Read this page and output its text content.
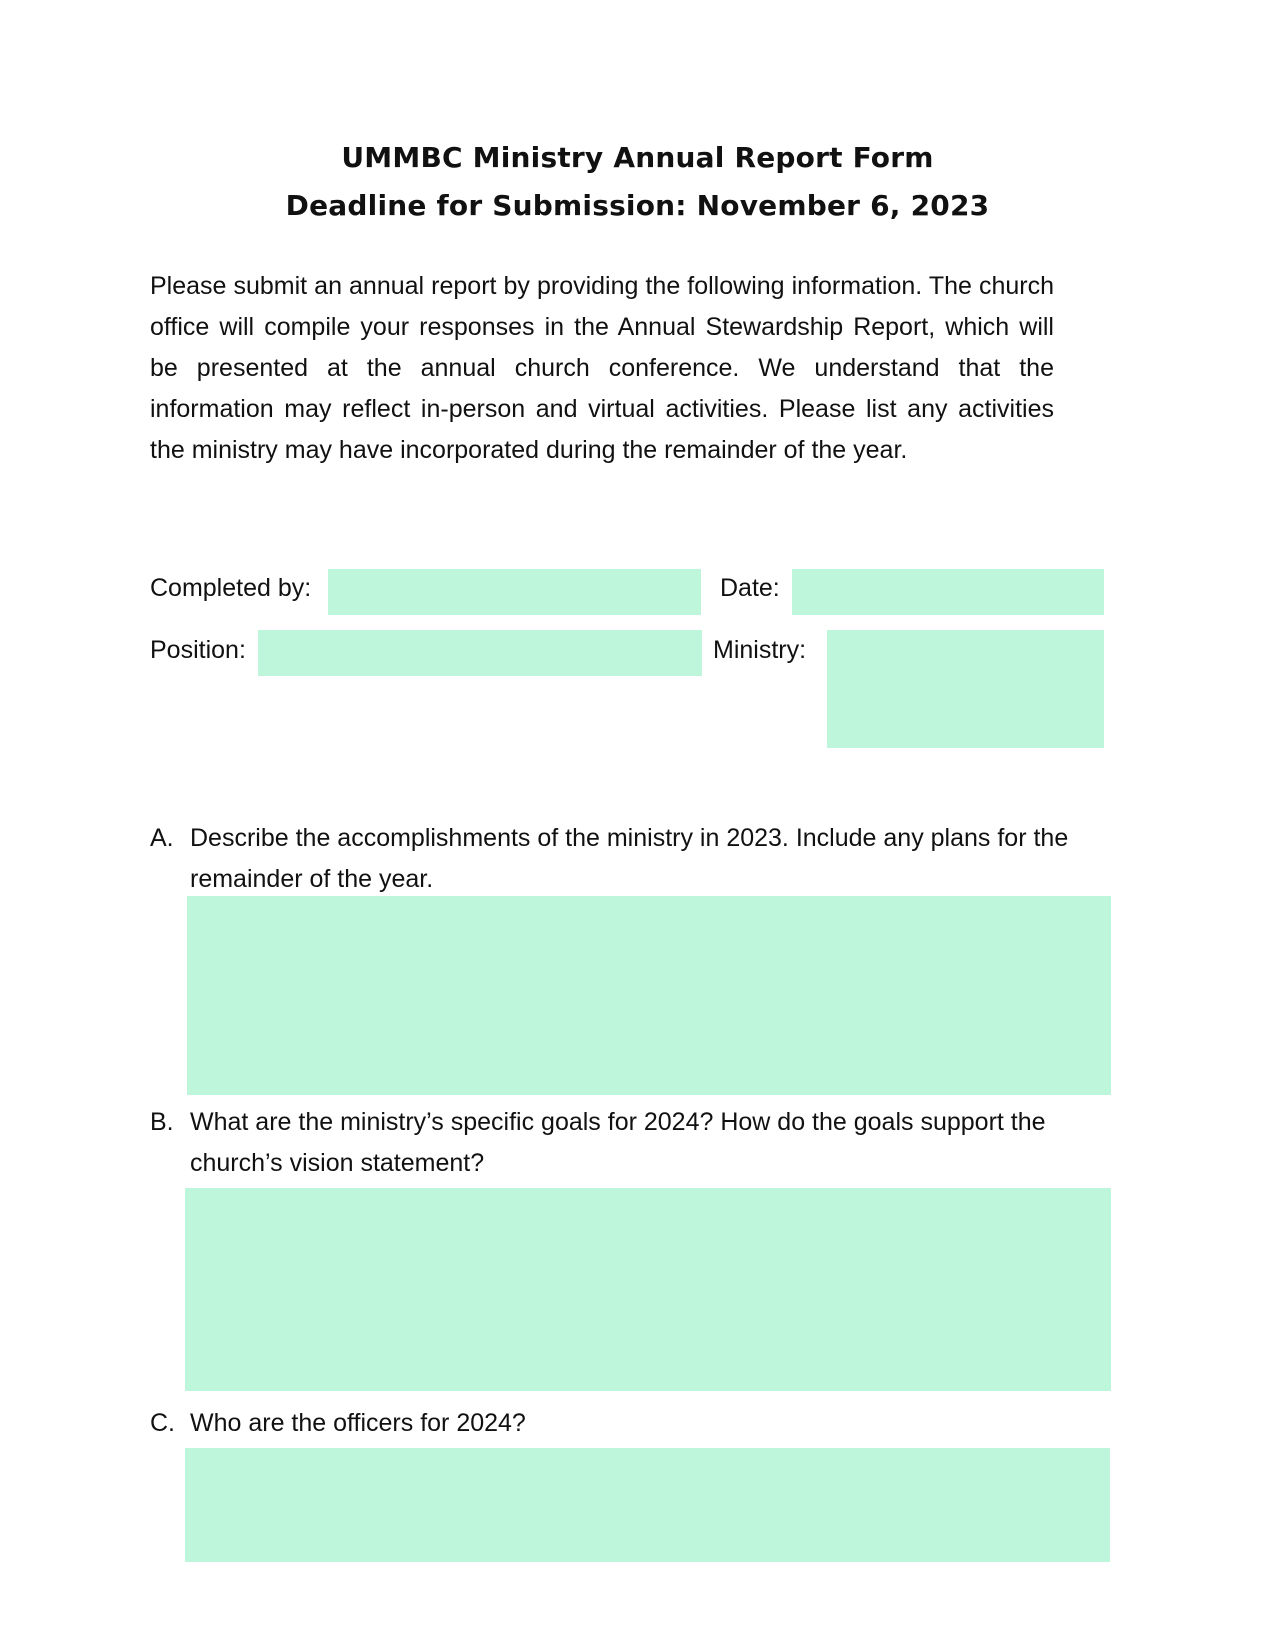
UMMBC Ministry Annual Report Form
Deadline for Submission: November 6, 2023

Please submit an annual report by providing the following information. The church office will compile your responses in the Annual Stewardship Report, which will be presented at the annual church conference. We understand that the information may reflect in-person and virtual activities. Please list any activities the ministry may have incorporated during the remainder of the year.

Completed by:	Date:
Position:	Ministry:
A. Describe the accomplishments of the ministry in 2023. Include any plans for the remainder of the year.
B. What are the ministry’s specific goals for 2024? How do the goals support the church’s vision statement?
C. Who are the officers for 2024?
